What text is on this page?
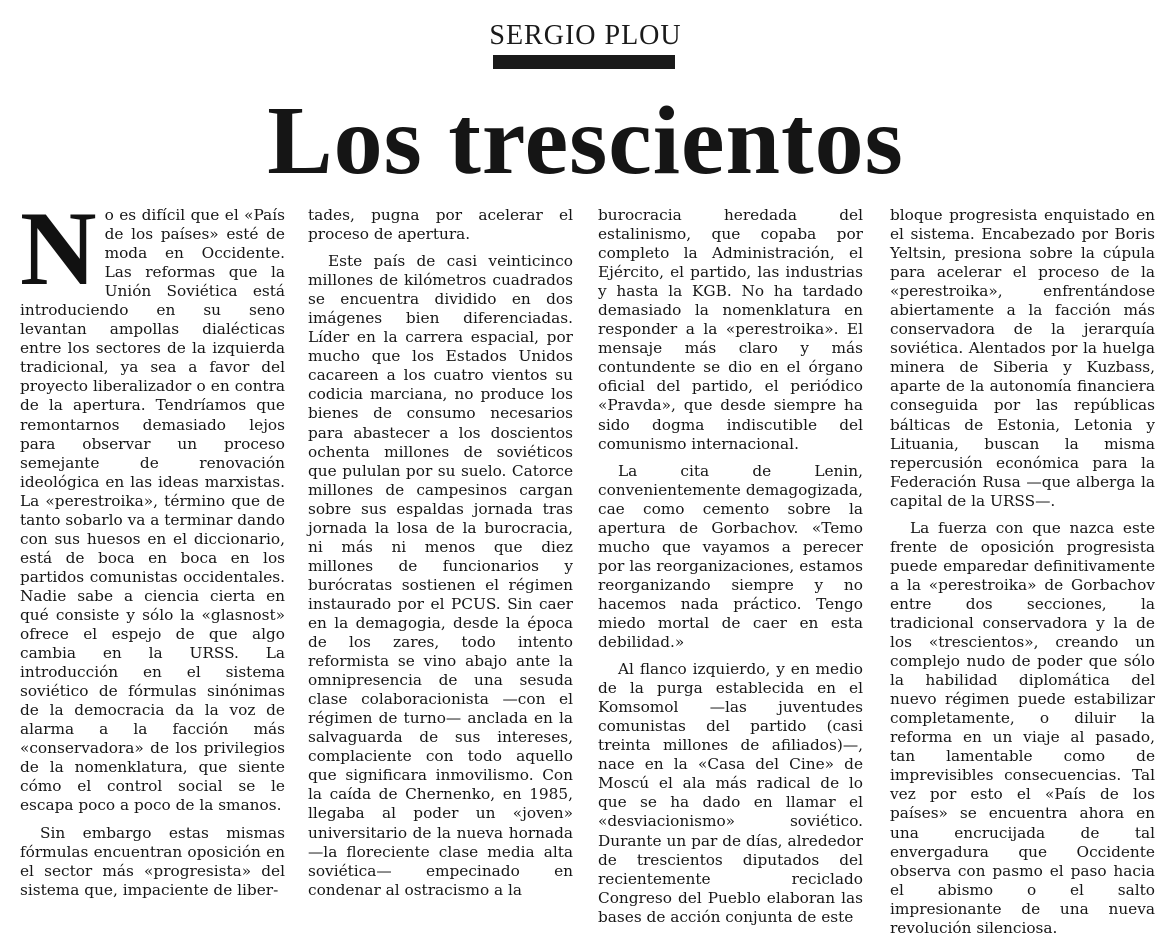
SERGIO PLOU
Los trescientos

No es difícil que el «País de los países» esté de moda en Occidente. Las reformas que la Unión Soviética está introduciendo en su seno levantan ampollas dialécticas entre los sectores de la izquierda tradicional, ya sea a favor del proyecto liberalizador o en contra de la apertura. Tendríamos que remontarnos demasiado lejos para observar un proceso semejante de renovación ideológica en las ideas marxistas. La «perestroika», término que de tanto sobarlo va a terminar dando con sus huesos en el diccionario, está de boca en boca en los partidos comunistas occidentales. Nadie sabe a ciencia cierta en qué consiste y sólo la «glasnost» ofrece el espejo de que algo cambia en la URSS. La introducción en el sistema soviético de fórmulas sinónimas de la democracia da la voz de alarma a la facción más «conservadora» de los privilegios de la nomenklatura, que siente cómo el control social se le escapa poco a poco de la smanos.

Sin embargo estas mismas fórmulas encuentran oposición en el sector más «progresista» del sistema que, impaciente de liber-

tades, pugna por acelerar el proceso de apertura.

Este país de casi veinticinco millones de kilómetros cuadrados se encuentra dividido en dos imágenes bien diferenciadas. Líder en la carrera espacial, por mucho que los Estados Unidos cacareen a los cuatro vientos su codicia marciana, no produce los bienes de consumo necesarios para abastecer a los doscientos ochenta millones de soviéticos que pululan por su suelo. Catorce millones de campesinos cargan sobre sus espaldas jornada tras jornada la losa de la burocracia, ni más ni menos que diez millones de funcionarios y burócratas sostienen el régimen instaurado por el PCUS. Sin caer en la demagogia, desde la época de los zares, todo intento reformista se vino abajo ante la omnipresencia de una sesuda clase colaboracionista —con el régimen de turno— anclada en la salvaguarda de sus intereses, complaciente con todo aquello que significara inmovilismo. Con la caída de Chernenko, en 1985, llegaba al poder un «joven» universitario de la nueva hornada —la floreciente clase media alta soviética— empecinado en condenar al ostracismo a la

burocracia heredada del estalinismo, que copaba por completo la Administración, el Ejército, el partido, las industrias y hasta la KGB. No ha tardado demasiado la nomenklatura en responder a la «perestroika». El mensaje más claro y más contundente se dio en el órgano oficial del partido, el periódico «Pravda», que desde siempre ha sido dogma indiscutible del comunismo internacional.

La cita de Lenin, convenientemente demagogizada, cae como cemento sobre la apertura de Gorbachov. «Temo mucho que vayamos a perecer por las reorganizaciones, estamos reorganizando siempre y no hacemos nada práctico. Tengo miedo mortal de caer en esta debilidad.»

Al flanco izquierdo, y en medio de la purga establecida en el Komsomol —las juventudes comunistas del partido (casi treinta millones de afiliados)—, nace en la «Casa del Cine» de Moscú el ala más radical de lo que se ha dado en llamar el «desviacionismo» soviético. Durante un par de días, alrededor de trescientos diputados del recientemente reciclado Congreso del Pueblo elaboran las bases de acción conjunta de este

bloque progresista enquistado en el sistema. Encabezado por Boris Yeltsin, presiona sobre la cúpula para acelerar el proceso de la «perestroika», enfrentándose abiertamente a la facción más conservadora de la jerarquía soviética. Alentados por la huelga minera de Siberia y Kuzbass, aparte de la autonomía financiera conseguida por las repúblicas bálticas de Estonia, Letonia y Lituania, buscan la misma repercusión económica para la Federación Rusa —que alberga la capital de la URSS—.

La fuerza con que nazca este frente de oposición progresista puede emparedar definitivamente a la «perestroika» de Gorbachov entre dos secciones, la tradicional conservadora y la de los «trescientos», creando un complejo nudo de poder que sólo la habilidad diplomática del nuevo régimen puede estabilizar completamente, o diluir la reforma en un viaje al pasado, tan lamentable como de imprevisibles consecuencias. Tal vez por esto el «País de los países» se encuentra ahora en una encrucijada de tal envergadura que Occidente observa con pasmo el paso hacia el abismo o el salto impresionante de una nueva revolución silenciosa.
